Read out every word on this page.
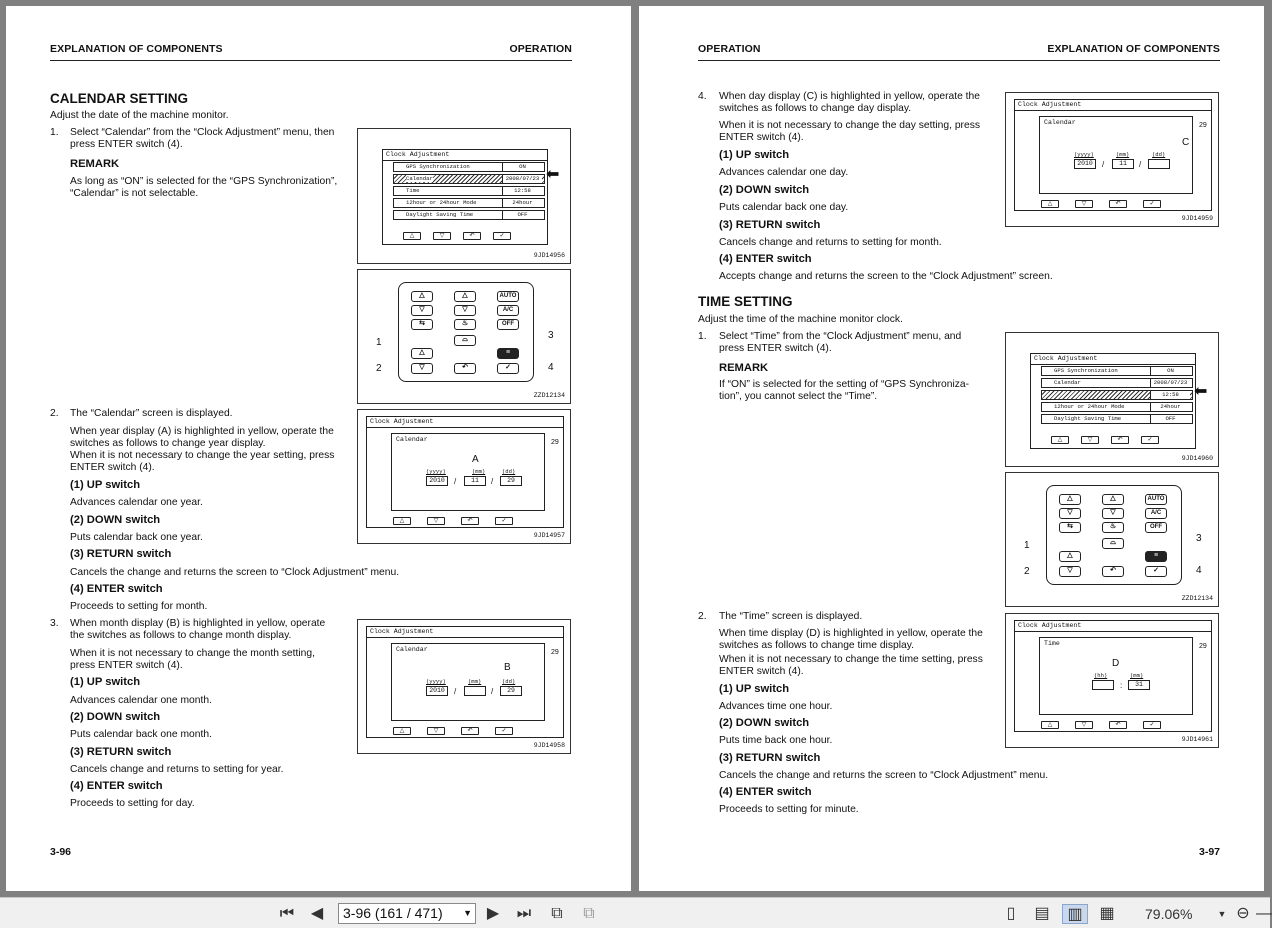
EXPLANATION OF COMPONENTS	OPERATION
CALENDAR SETTING
Adjust the date of the machine monitor.
1. Select “Calendar” from the “Clock Adjustment” menu, then
press ENTER switch (4).
REMARK
As long as “ON” is selected for the “GPS Synchronization”,
“Calendar” is not selectable.
2. The “Calendar” screen is displayed.
When year display (A) is highlighted in yellow, operate the
switches as follows to change year display.
When it is not necessary to change the year setting, press
ENTER switch (4).
(1) UP switch
Advances calendar one year.
(2) DOWN switch
Puts calendar back one year.
(3) RETURN switch
Cancels the change and returns the screen to “Clock Adjustment” menu.
(4) ENTER switch
Proceeds to setting for month.
3. When month display (B) is highlighted in yellow, operate
the switches as follows to change month display.
When it is not necessary to change the month setting,
press ENTER switch (4).
(1) UP switch
Advances calendar one month.
(2) DOWN switch
Puts calendar back one month.
(3) RETURN switch
Cancels change and returns to setting for year.
(4) ENTER switch
Proceeds to setting for day.
3-96
Clock Adjustment
GPS Synchronization	ON
Calendar	2008/07/23
Time	12:58
12hour or 24hour Mode	24hour
Daylight Saving Time	OFF
△	▽	↶	✓
⬅
9JD14956
△
▽
△
▽
AUTO
A/C
⇆	♨	OFF
⌓
△
▽	↶
≡
✓
1
2
3
4
ZZD12134
Clock Adjustment
Calendar
(yyyy)	(mm)	(dd)
2010	/	11	/	29
A
29
△	▽	↶	✓
9JD14957
Clock Adjustment
Calendar
(yyyy)	(mm)	(dd)
2010	/	/	29
B
29
△	▽	↶	✓
9JD14958
OPERATION	EXPLANATION OF COMPONENTS
4. When day display (C) is highlighted in yellow, operate the
switches as follows to change day display.
When it is not necessary to change the day setting, press
ENTER switch (4).
(1) UP switch
Advances calendar one day.
(2) DOWN switch
Puts calendar back one day.
(3) RETURN switch
Cancels change and returns to setting for month.
(4) ENTER switch
Accepts change and returns the screen to the “Clock Adjustment” screen.
TIME SETTING
Adjust the time of the machine monitor clock.
1. Select “Time” from the “Clock Adjustment” menu, and
press ENTER switch (4).
REMARK
If “ON” is selected for the setting of “GPS Synchroniza-
tion”, you cannot select the “Time”.
2. The “Time” screen is displayed.
When time display (D) is highlighted in yellow, operate the
switches as follows to change time display.
When it is not necessary to change the time setting, press
ENTER switch (4).
(1) UP switch
Advances time one hour.
(2) DOWN switch
Puts time back one hour.
(3) RETURN switch
Cancels the change and returns the screen to “Clock Adjustment” menu.
(4) ENTER switch
Proceeds to setting for minute.
3-97
Clock Adjustment
Calendar
(yyyy)	(mm)	(dd)
2010	/	11	/
C
29
△	▽	↶	✓
9JD14959
Clock Adjustment
GPS Synchronization	ON
Calendar	2008/07/23
12:58
12hour or 24hour Mode	24hour
Daylight Saving Time	OFF
△	▽	↶	✓
⬅
9JD14960
△
▽
△
▽
AUTO
A/C
⇆	♨	OFF
⌓
△
▽	↶
≡
✓
1
2
3
4
ZZD12134
Clock Adjustment
Time
(hh)	(mm)
:	31
D
29
△	▽	↶	✓
9JD14961
⏮	◀	3-96 (161 / 471) ▼ ▶	⏭	⧉	⧉	▯	▤	▥	▦ 79.06%	▼ ⊖ —
